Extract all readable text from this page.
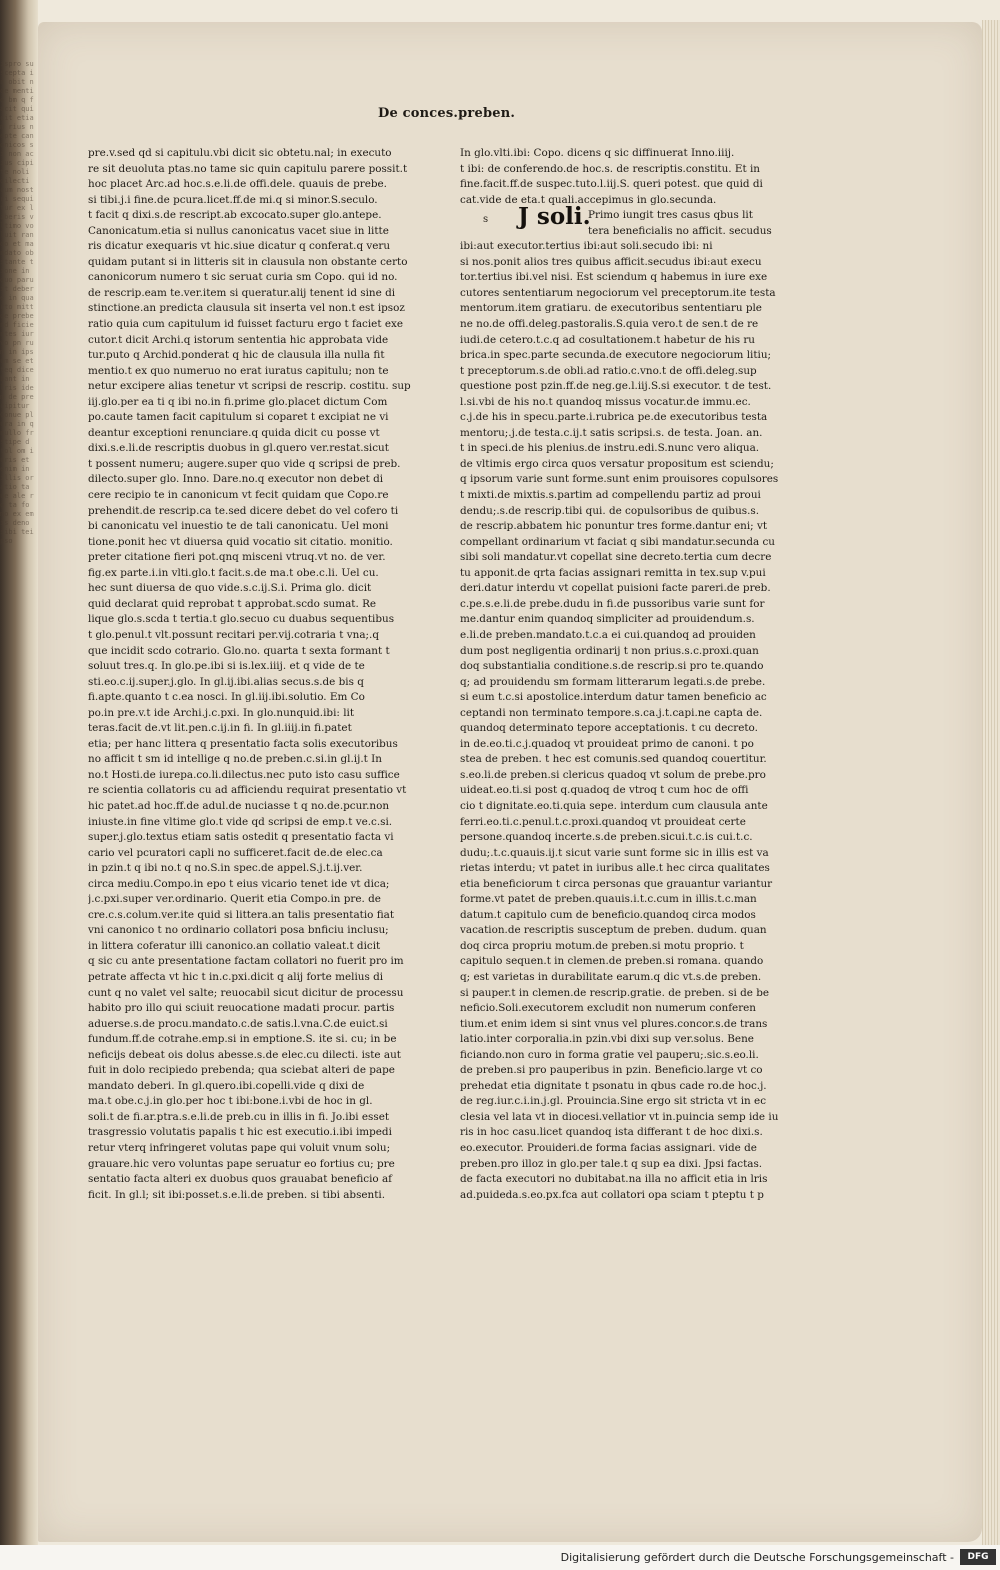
ispro suscepta in obit nde mentio bm q facit qui cit etiam rius nepte canonicos si non ac ius cipite noli dilecti cum nostri sequitur ex liberis vltimo voluit rando et mandato obstante tione in quo paruit debere in quarto mitt de prebend ficientes iur vo pn rum in ipsum se et teq dicebant in lris idem de precipitur Conue plura in q nullo fr stipe d tol om iuris et enim in illis oratio ta ue ale ro ta fo mo ex emis deno sibi teipso
De conces.preben.
pre.v.sed qd si capitulu.vbi dicit sic obtetu.nal; in executo
re sit deuoluta ptas.no tame sic quin capitulu parere possit.t
hoc placet Arc.ad hoc.s.e.li.de offi.dele. quauis de prebe.
si tibi.j.i fine.de pcura.licet.ff.de mi.q si minor.S.seculo.
t facit q dixi.s.de rescript.ab excocato.super glo.antepe.
Canonicatum.etia si nullus canonicatus vacet siue in litte
ris dicatur exequaris vt hic.siue dicatur q conferat.q veru
quidam putant si in litteris sit in clausula non obstante certo
canonicorum numero t sic seruat curia sm Copo. qui id no.
de rescrip.eam te.ver.item si queratur.alij tenent id sine di
stinctione.an predicta clausula sit inserta vel non.t est ipsoz
ratio quia cum capitulum id fuisset facturu ergo t faciet exe
cutor.t dicit Archi.q istorum sententia hic approbata vide
tur.puto q Archid.ponderat q hic de clausula illa nulla fit
mentio.t ex quo numeruo no erat iuratus capitulu; non te
netur excipere alias tenetur vt scripsi de rescrip. costitu. sup
iij.glo.per ea ti q ibi no.in fi.prime glo.placet dictum Com
po.caute tamen facit capitulum si coparet t excipiat ne vi
deantur exceptioni renunciare.q quida dicit cu posse vt
dixi.s.e.li.de rescriptis duobus in gl.quero ver.restat.sicut
t possent numeru; augere.super quo vide q scripsi de preb.
dilecto.super glo. Inno. Dare.no.q executor non debet di
cere recipio te in canonicum vt fecit quidam que Copo.re
prehendit.de rescrip.ca te.sed dicere debet do vel cofero ti
bi canonicatu vel inuestio te de tali canonicatu. Uel moni
tione.ponit hec vt diuersa quid vocatio sit citatio. monitio.
preter citatione fieri pot.qnq misceni vtruq.vt no. de ver.
fig.ex parte.i.in vlti.glo.t facit.s.de ma.t obe.c.li. Uel cu.
hec sunt diuersa de quo vide.s.c.ij.S.i. Prima glo. dicit
quid declarat quid reprobat t approbat.scdo sumat. Re
lique glo.s.scda t tertia.t glo.secuo cu duabus sequentibus
t glo.penul.t vlt.possunt recitari per.vij.cotraria t vna;.q
que incidit scdo cotrario. Glo.no. quarta t sexta formant t
soluut tres.q. In glo.pe.ibi si is.lex.iiij. et q vide de te
sti.eo.c.ij.super.j.glo. In gl.ij.ibi.alias secus.s.de bis q
fi.apte.quanto t c.ea nosci. In gl.iij.ibi.solutio. Em Co
po.in pre.v.t ide Archi.j.c.pxi. In glo.nunquid.ibi: lit
teras.facit de.vt lit.pen.c.ij.in fi. In gl.iiij.in fi.patet
etia; per hanc littera q presentatio facta solis executoribus
no afficit t sm id intellige q no.de preben.c.si.in gl.ij.t In
no.t Hosti.de iurepa.co.li.dilectus.nec puto isto casu suffice
re scientia collatoris cu ad afficiendu requirat presentatio vt
hic patet.ad hoc.ff.de adul.de nuciasse t q no.de.pcur.non
iniuste.in fine vltime glo.t vide qd scripsi de emp.t ve.c.si.
super.j.glo.textus etiam satis ostedit q presentatio facta vi
cario vel pcuratori capli no sufficeret.facit de.de elec.ca
in pzin.t q ibi no.t q no.S.in spec.de appel.S.j.t.ij.ver.
circa mediu.Compo.in epo t eius vicario tenet ide vt dica;
j.c.pxi.super ver.ordinario. Querit etia Compo.in pre. de
cre.c.s.colum.ver.ite quid si littera.an talis presentatio fiat
vni canonico t no ordinario collatori posa bnficiu inclusu;
in littera coferatur illi canonico.an collatio valeat.t dicit
q sic cu ante presentatione factam collatori no fuerit pro im
petrate affecta vt hic t in.c.pxi.dicit q alij forte melius di
cunt q no valet vel salte; reuocabil sicut dicitur de processu
habito pro illo qui sciuit reuocatione madati procur. partis
aduerse.s.de procu.mandato.c.de satis.l.vna.C.de euict.si
fundum.ff.de cotrahe.emp.si in emptione.S. ite si. cu; in be
neficijs debeat ois dolus abesse.s.de elec.cu dilecti. iste aut
fuit in dolo recipiedo prebenda; qua sciebat alteri de pape
mandato deberi. In gl.quero.ibi.copelli.vide q dixi de
ma.t obe.c.j.in glo.per hoc t ibi:bone.i.vbi de hoc in gl.
soli.t de fi.ar.ptra.s.e.li.de preb.cu in illis in fi. Jo.ibi esset
trasgressio volutatis papalis t hic est executio.i.ibi impedi
retur vterq infringeret volutas pape qui voluit vnum solu;
grauare.hic vero voluntas pape seruatur eo fortius cu; pre
sentatio facta alteri ex duobus quos grauabat beneficio af
ficit. In gl.l; sit ibi:posset.s.e.li.de preben. si tibi absenti.
In glo.vlti.ibi: Copo. dicens q sic diffinuerat Inno.iiij.
t ibi: de conferendo.de hoc.s. de rescriptis.constitu. Et in
fine.facit.ff.de suspec.tuto.l.iij.S. queri potest. que quid di
cat.vide de eta.t quali.accepimus in glo.secunda.
s J soli.
Primo iungit tres casus qbus lit
tera beneficialis no afficit. secudus
ibi:aut executor.tertius ibi:aut soli.secudo ibi: ni
si nos.ponit alios tres quibus afficit.secudus ibi:aut execu
tor.tertius ibi.vel nisi. Est sciendum q habemus in iure exe
cutores sententiarum negociorum vel preceptorum.ite testa
mentorum.item gratiaru. de executoribus sententiaru ple
ne no.de offi.deleg.pastoralis.S.quia vero.t de sen.t de re
iudi.de cetero.t.c.q ad cosultationem.t habetur de his ru
brica.in spec.parte secunda.de executore negociorum litiu;
t preceptorum.s.de obli.ad ratio.c.vno.t de offi.deleg.sup
questione post pzin.ff.de neg.ge.l.iij.S.si executor. t de test.
l.si.vbi de his no.t quandoq missus vocatur.de immu.ec.
c.j.de his in specu.parte.i.rubrica pe.de executoribus testa
mentoru;.j.de testa.c.ij.t satis scripsi.s. de testa. Joan. an.
t in speci.de his plenius.de instru.edi.S.nunc vero aliqua.
de vltimis ergo circa quos versatur propositum est sciendu;
q ipsorum varie sunt forme.sunt enim prouisores copulsores
t mixti.de mixtis.s.partim ad compellendu partiz ad proui
dendu;.s.de rescrip.tibi qui. de copulsoribus de quibus.s.
de rescrip.abbatem hic ponuntur tres forme.dantur eni; vt
compellant ordinarium vt faciat q sibi mandatur.secunda cu
sibi soli mandatur.vt copellat sine decreto.tertia cum decre
tu apponit.de qrta facias assignari remitta in tex.sup v.pui
deri.datur interdu vt copellat puisioni facte pareri.de preb.
c.pe.s.e.li.de prebe.dudu in fi.de pussoribus varie sunt for
me.dantur enim quandoq simpliciter ad prouidendum.s.
e.li.de preben.mandato.t.c.a ei cui.quandoq ad prouiden
dum post negligentia ordinarij t non prius.s.c.proxi.quan
doq substantialia conditione.s.de rescrip.si pro te.quando
q; ad prouidendu sm formam litterarum legati.s.de prebe.
si eum t.c.si apostolice.interdum datur tamen beneficio ac
ceptandi non terminato tempore.s.ca.j.t.capi.ne capta de.
quandoq determinato tepore acceptationis. t cu decreto.
in de.eo.ti.c.j.quadoq vt prouideat primo de canoni. t po
stea de preben. t hec est comunis.sed quandoq couertitur.
s.eo.li.de preben.si clericus quadoq vt solum de prebe.pro
uideat.eo.ti.si post q.quadoq de vtroq t cum hoc de offi
cio t dignitate.eo.ti.quia sepe. interdum cum clausula ante
ferri.eo.ti.c.penul.t.c.proxi.quandoq vt prouideat certe
persone.quandoq incerte.s.de preben.sicui.t.c.is cui.t.c.
dudu;.t.c.quauis.ij.t sicut varie sunt forme sic in illis est va
rietas interdu; vt patet in iuribus alle.t hec circa qualitates
etia beneficiorum t circa personas que grauantur variantur
forme.vt patet de preben.quauis.i.t.c.cum in illis.t.c.man
datum.t capitulo cum de beneficio.quandoq circa modos
vacation.de rescriptis susceptum de preben. dudum. quan
doq circa propriu motum.de preben.si motu proprio. t
capitulo sequen.t in clemen.de preben.si romana. quando
q; est varietas in durabilitate earum.q dic vt.s.de preben.
si pauper.t in clemen.de rescrip.gratie. de preben. si de be
neficio.Soli.executorem excludit non numerum conferen
tium.et enim idem si sint vnus vel plures.concor.s.de trans
latio.inter corporalia.in pzin.vbi dixi sup ver.solus. Bene
ficiando.non curo in forma gratie vel pauperu;.sic.s.eo.li.
de preben.si pro pauperibus in pzin. Beneficio.large vt co
prehedat etia dignitate t psonatu in qbus cade ro.de hoc.j.
de reg.iur.c.i.in.j.gl. Prouincia.Sine ergo sit stricta vt in ec
clesia vel lata vt in diocesi.vellatior vt in.puincia semp ide iu
ris in hoc casu.licet quandoq ista differant t de hoc dixi.s.
eo.executor. Prouideri.de forma facias assignari. vide de
preben.pro illoz in glo.per tale.t q sup ea dixi. Jpsi factas.
de facta executori no dubitabat.na illa no afficit etia in lris
ad.puideda.s.eo.px.fca aut collatori opa sciam t pteptu t p
Digitalisierung gefördert durch die Deutsche Forschungsgemeinschaft -	DFG
